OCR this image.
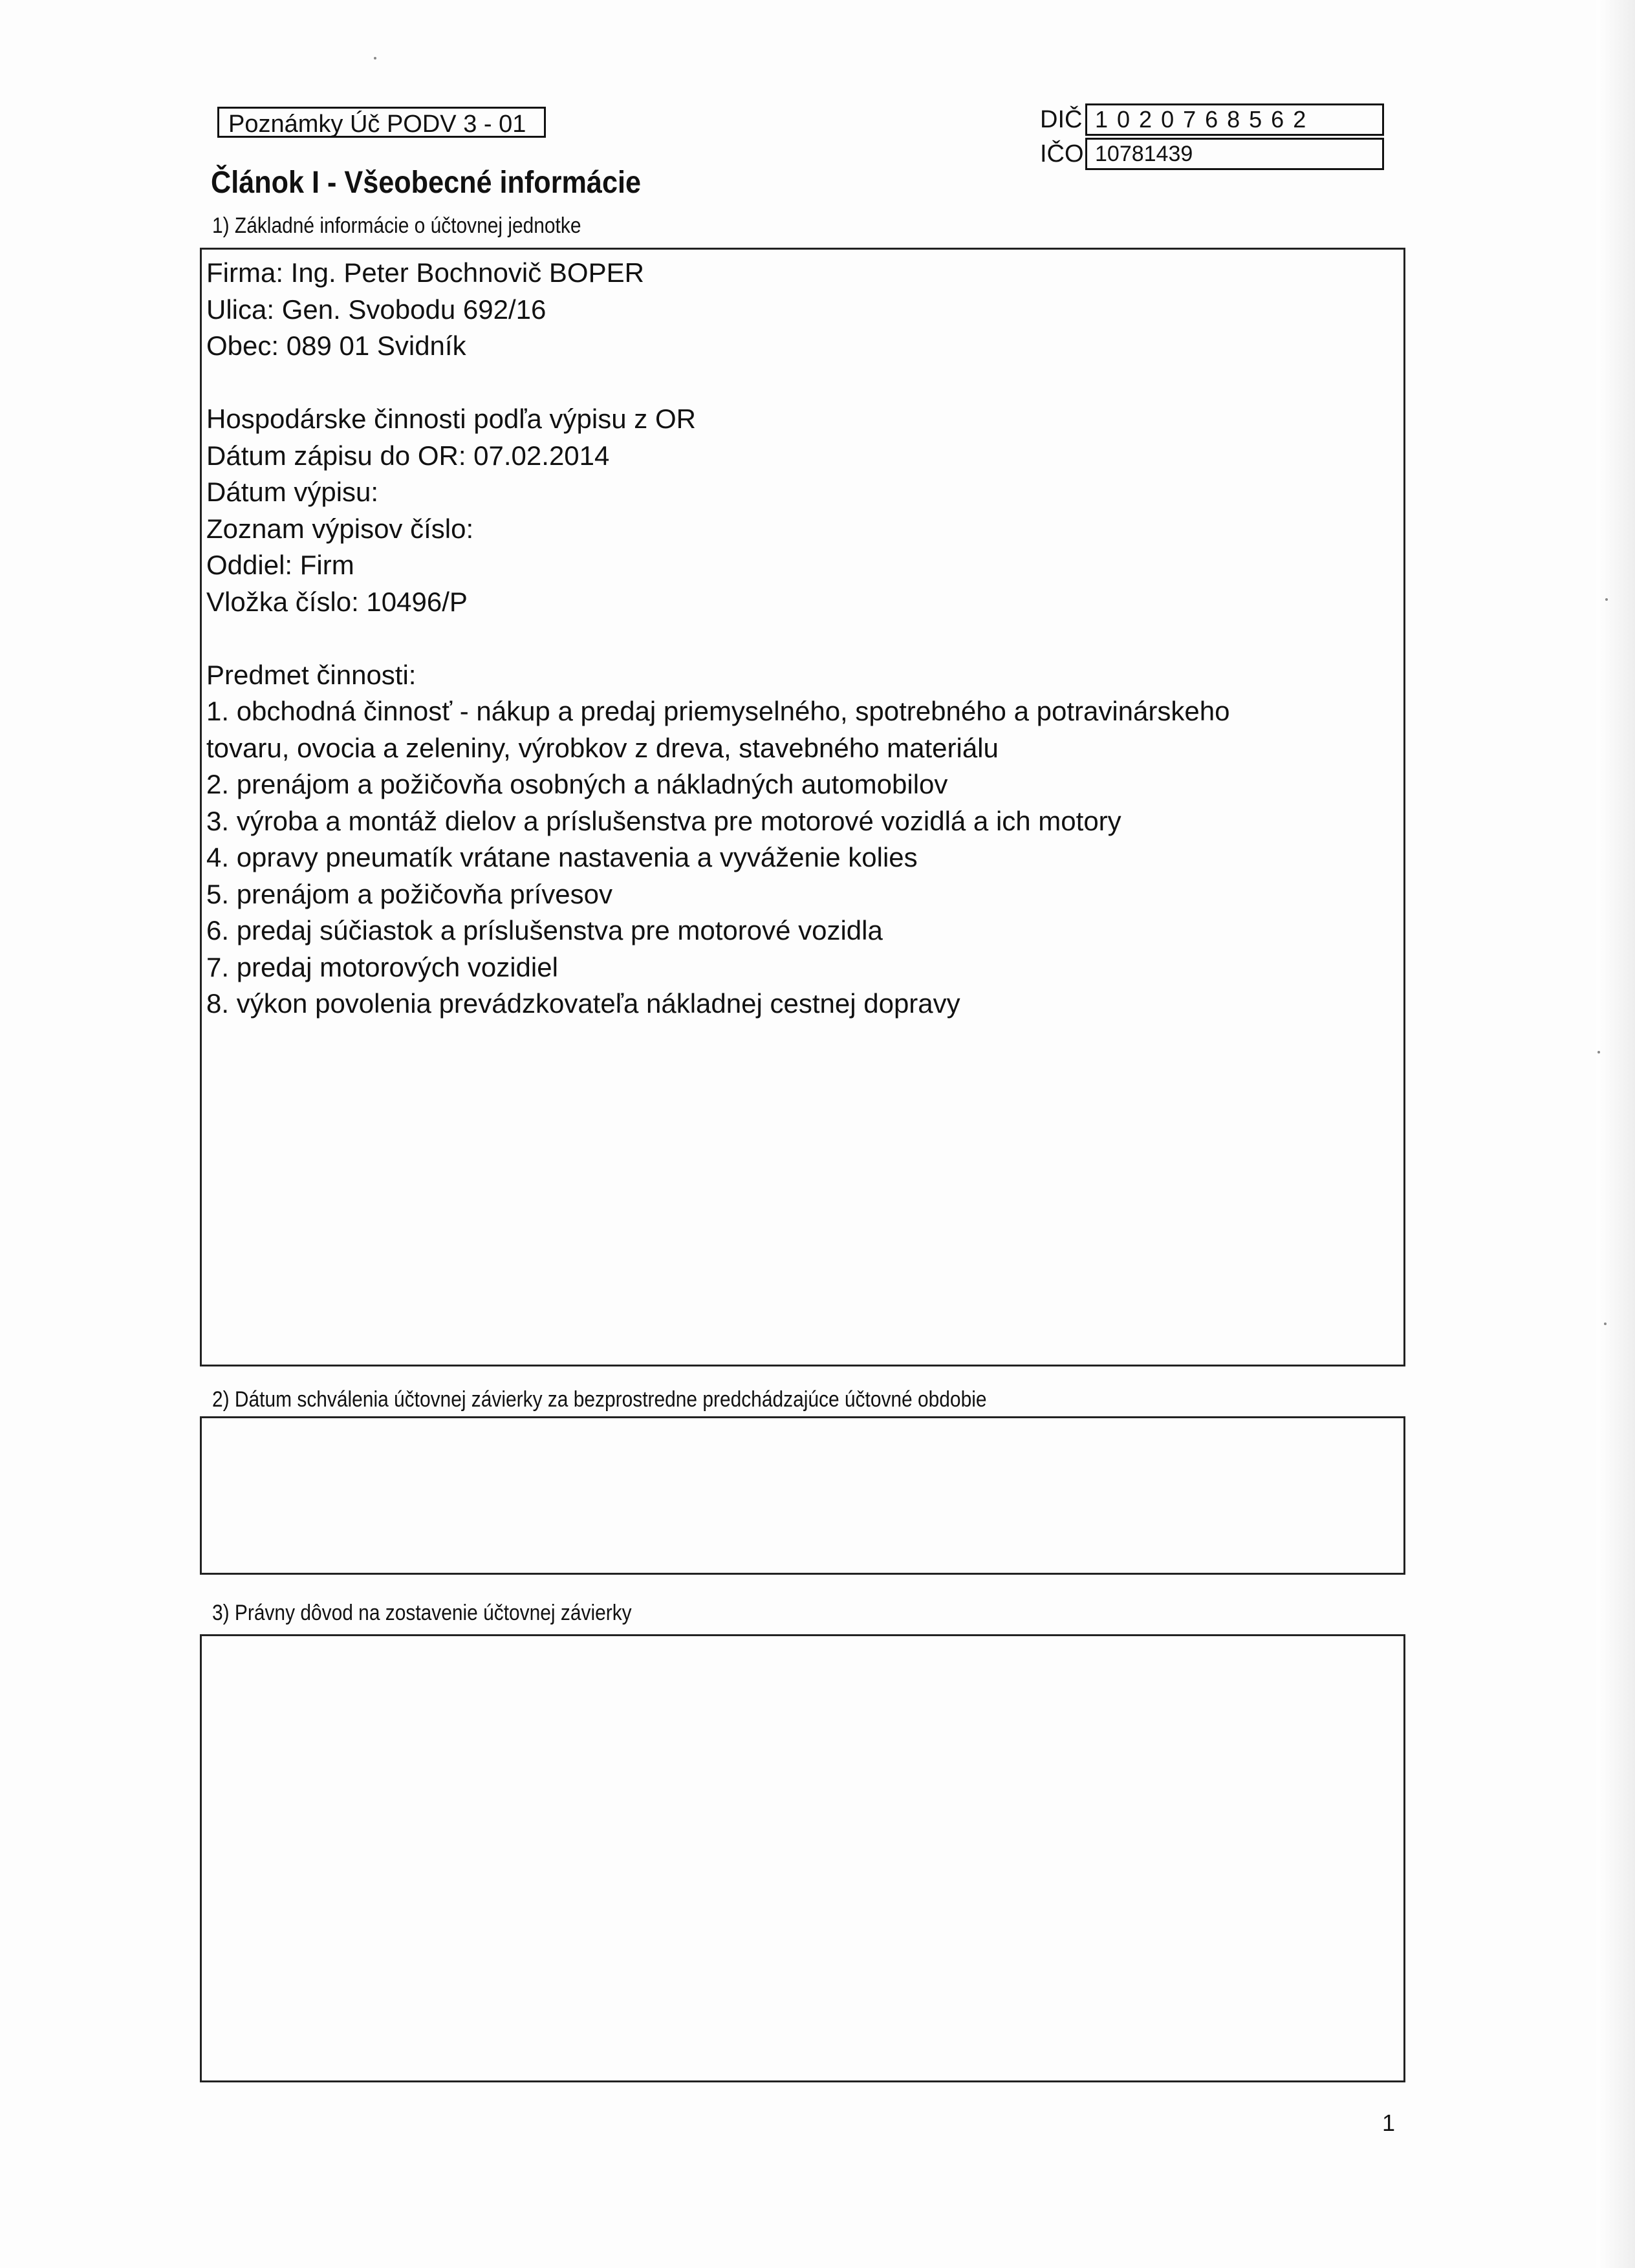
Poznámky Úč PODV 3 - 01	DIČ 1020768562
IČO 10781439
Článok I - Všeobecné informácie
1) Základné informácie o účtovnej jednotke
Firma: Ing. Peter Bochnovič BOPER
Ulica: Gen. Svobodu 692/16
Obec: 089 01 Svidník
Hospodárske činnosti podľa výpisu z OR
Dátum zápisu do OR: 07.02.2014
Dátum výpisu:
Zoznam výpisov číslo:
Oddiel: Firm
Vložka číslo: 10496/P
Predmet činnosti:
1. obchodná činnosť - nákup a predaj priemyselného, spotrebného a potravinárskeho
tovaru, ovocia a zeleniny, výrobkov z dreva, stavebného materiálu
2. prenájom a požičovňa osobných a nákladných automobilov
3. výroba a montáž dielov a príslušenstva pre motorové vozidlá a ich motory
4. opravy pneumatík vrátane nastavenia a vyváženie kolies
5. prenájom a požičovňa prívesov
6. predaj súčiastok a príslušenstva pre motorové vozidla
7. predaj motorových vozidiel
8. výkon povolenia prevádzkovateľa nákladnej cestnej dopravy
2) Dátum schválenia účtovnej závierky za bezprostredne predchádzajúce účtovné obdobie
3) Právny dôvod na zostavenie účtovnej závierky
1
